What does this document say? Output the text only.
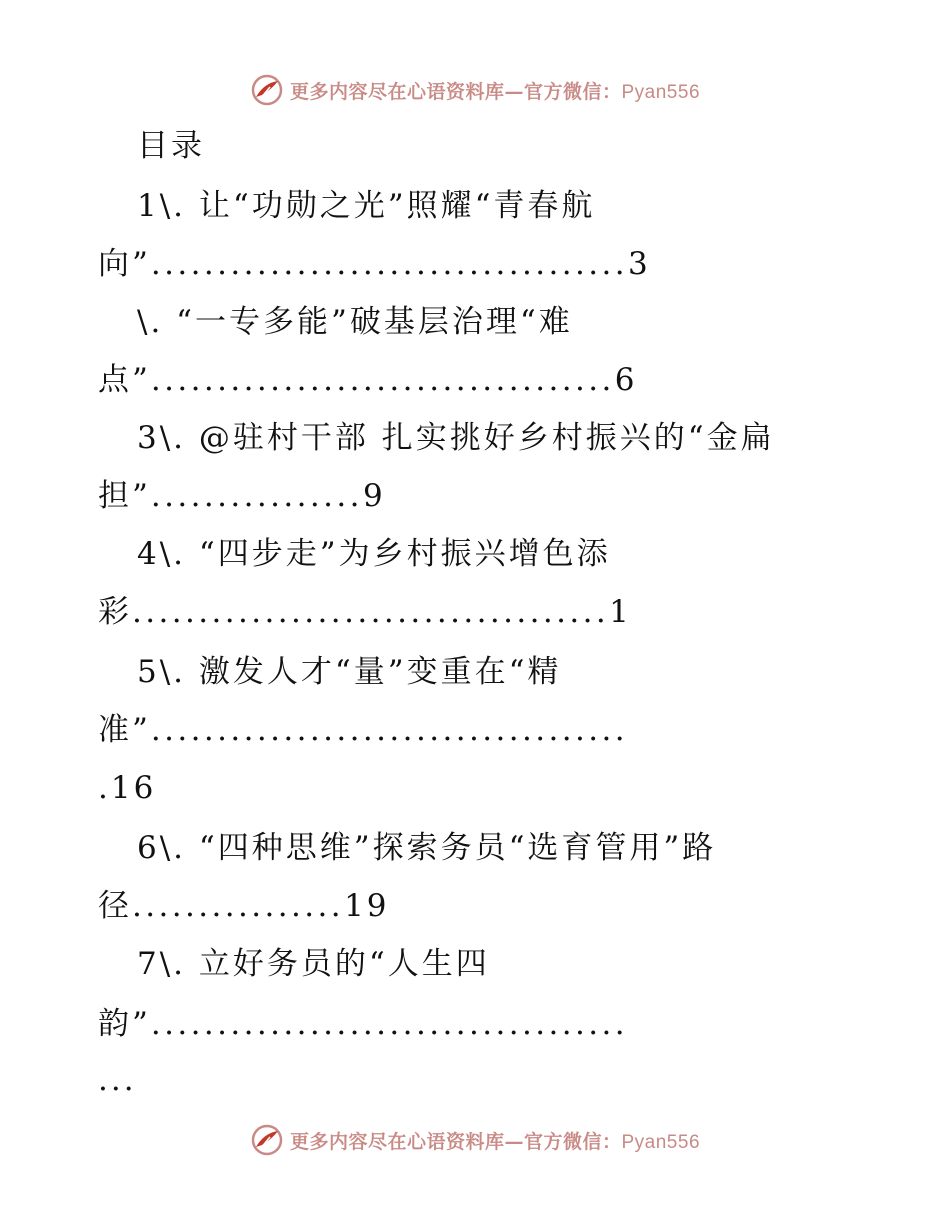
更多内容尽在心语资料库—官方微信：Pyan556
目录
1\. 让“功勋之光”照耀“青春航
向”....................................3
\. “一专多能”破基层治理“难
点”...................................6
3\. @驻村干部 扎实挑好乡村振兴的“金扁
担”................9
4\. “四步走”为乡村振兴增色添
彩....................................1
5\. 激发人才“量”变重在“精
准”....................................
.16
6\. “四种思维”探索务员“选育管用”路
径................19
7\. 立好务员的“人生四
韵”....................................
...
更多内容尽在心语资料库—官方微信：Pyan556
